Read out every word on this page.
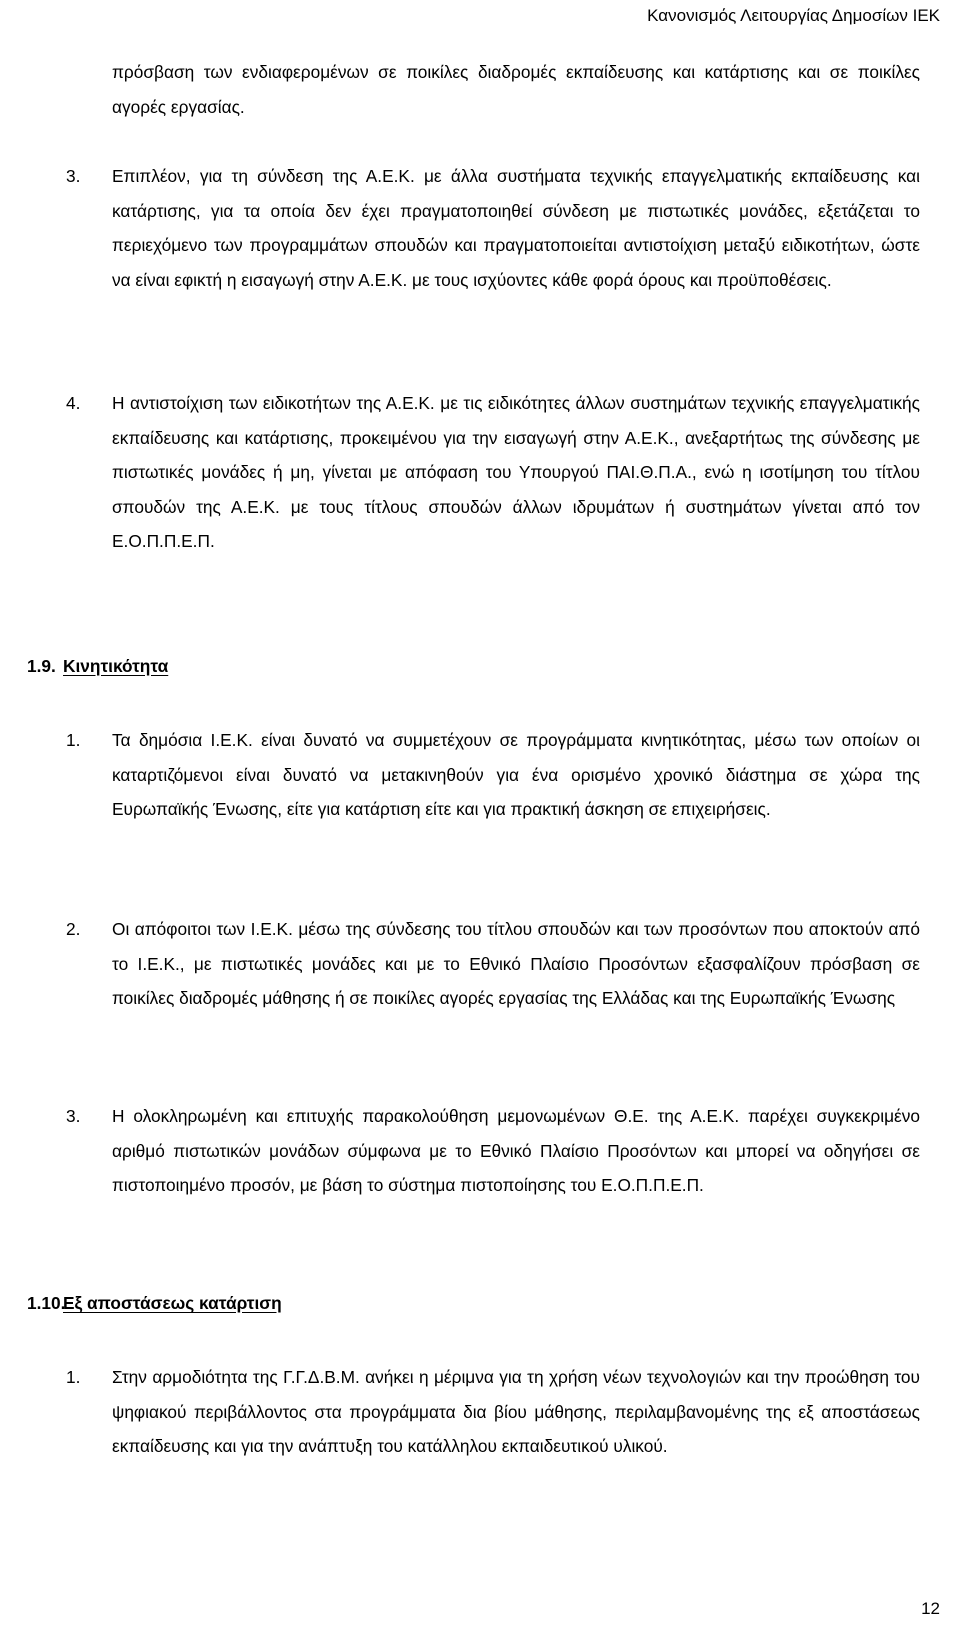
Κανονισμός Λειτουργίας Δημοσίων ΙΕΚ
πρόσβαση των ενδιαφερομένων σε ποικίλες διαδρομές εκπαίδευσης και κατάρτισης και σε ποικίλες αγορές εργασίας.
3. Επιπλέον, για τη σύνδεση της Α.Ε.Κ. με άλλα συστήματα τεχνικής επαγγελματικής εκπαίδευσης και κατάρτισης, για τα οποία δεν έχει πραγματοποιηθεί σύνδεση με πιστωτικές μονάδες, εξετάζεται το περιεχόμενο των προγραμμάτων σπουδών και πραγματοποιείται αντιστοίχιση μεταξύ ειδικοτήτων, ώστε να είναι εφικτή η εισαγωγή στην Α.Ε.Κ. με τους ισχύοντες κάθε φορά όρους και προϋποθέσεις.
4. Η αντιστοίχιση των ειδικοτήτων της Α.Ε.Κ. με τις ειδικότητες άλλων συστημάτων τεχνικής επαγγελματικής εκπαίδευσης και κατάρτισης, προκειμένου για την εισαγωγή στην Α.Ε.Κ., ανεξαρτήτως της σύνδεσης με πιστωτικές μονάδες ή μη, γίνεται με απόφαση του Υπουργού ΠΑΙ.Θ.Π.Α., ενώ η ισοτίμηση του τίτλου σπουδών της Α.Ε.Κ. με τους τίτλους σπουδών άλλων ιδρυμάτων ή συστημάτων γίνεται από τον Ε.Ο.Π.Π.Ε.Π.
1.9. Κινητικότητα
1. Τα δημόσια Ι.Ε.Κ. είναι δυνατό να συμμετέχουν σε προγράμματα κινητικότητας, μέσω των οποίων οι καταρτιζόμενοι είναι δυνατό να μετακινηθούν για ένα ορισμένο χρονικό διάστημα σε χώρα της Ευρωπαϊκής Ένωσης, είτε για κατάρτιση είτε και για πρακτική άσκηση σε επιχειρήσεις.
2. Οι απόφοιτοι των Ι.Ε.Κ. μέσω της σύνδεσης του τίτλου σπουδών και των προσόντων που αποκτούν από το Ι.Ε.Κ., με πιστωτικές μονάδες και με το Εθνικό Πλαίσιο Προσόντων εξασφαλίζουν πρόσβαση σε ποικίλες διαδρομές μάθησης ή σε ποικίλες αγορές εργασίας της Ελλάδας και της Ευρωπαϊκής Ένωσης
3. Η ολοκληρωμένη και επιτυχής παρακολούθηση μεμονωμένων Θ.Ε. της Α.Ε.Κ. παρέχει συγκεκριμένο αριθμό πιστωτικών μονάδων σύμφωνα με το Εθνικό Πλαίσιο Προσόντων και μπορεί να οδηγήσει σε πιστοποιημένο προσόν, με βάση το σύστημα πιστοποίησης του Ε.Ο.Π.Π.Ε.Π.
1.10.
Εξ αποστάσεως κατάρτιση
1. Στην αρμοδιότητα της Γ.Γ.Δ.Β.Μ. ανήκει η μέριμνα για τη χρήση νέων τεχνολογιών και την προώθηση του ψηφιακού περιβάλλοντος στα προγράμματα δια βίου μάθησης, περιλαμβανομένης της εξ αποστάσεως εκπαίδευσης και για την ανάπτυξη του κατάλληλου εκπαιδευτικού υλικού.
12
